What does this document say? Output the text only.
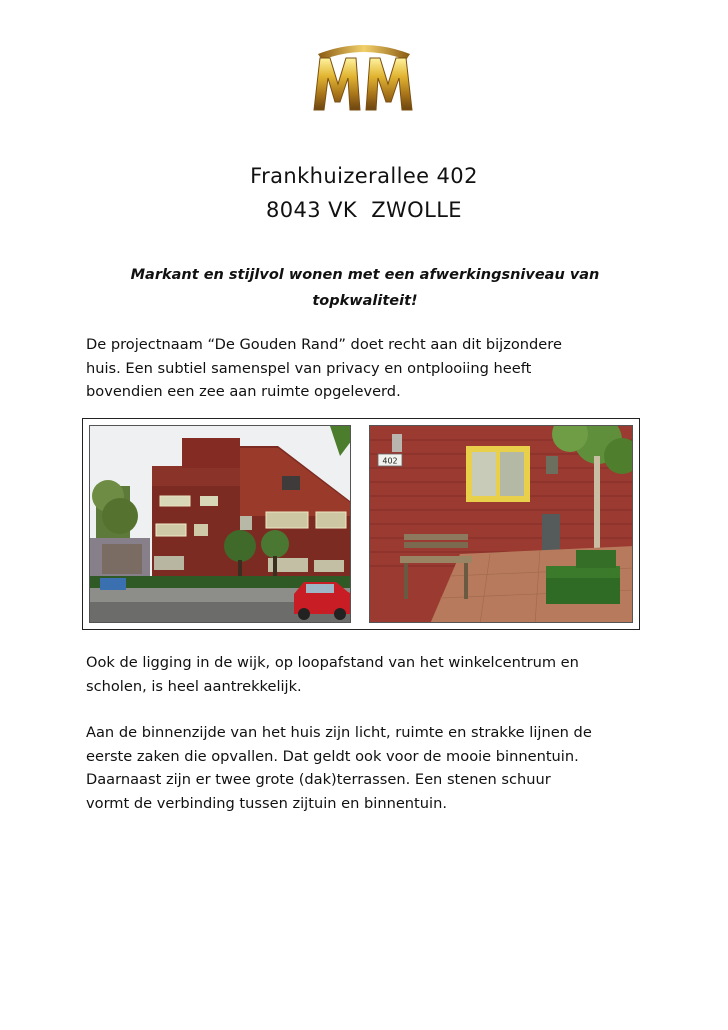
Frankhuizerallee 402
8043 VK  ZWOLLE
Markant en stijlvol wonen met een afwerkingsniveau van topkwaliteit!
De projectnaam “De Gouden Rand” doet recht aan dit bijzondere
huis. Een subtiel samenspel van privacy en ontplooiing heeft
bovendien een zee aan ruimte opgeleverd.
402
Ook de ligging in de wijk, op loopafstand van het winkelcentrum en
scholen, is heel aantrekkelijk.
Aan de binnenzijde van het huis zijn licht, ruimte en strakke lijnen de
eerste zaken die opvallen. Dat geldt ook voor de mooie binnentuin.
Daarnaast zijn er twee grote (dak)terrassen. Een stenen schuur
vormt de verbinding tussen zijtuin en binnentuin.
